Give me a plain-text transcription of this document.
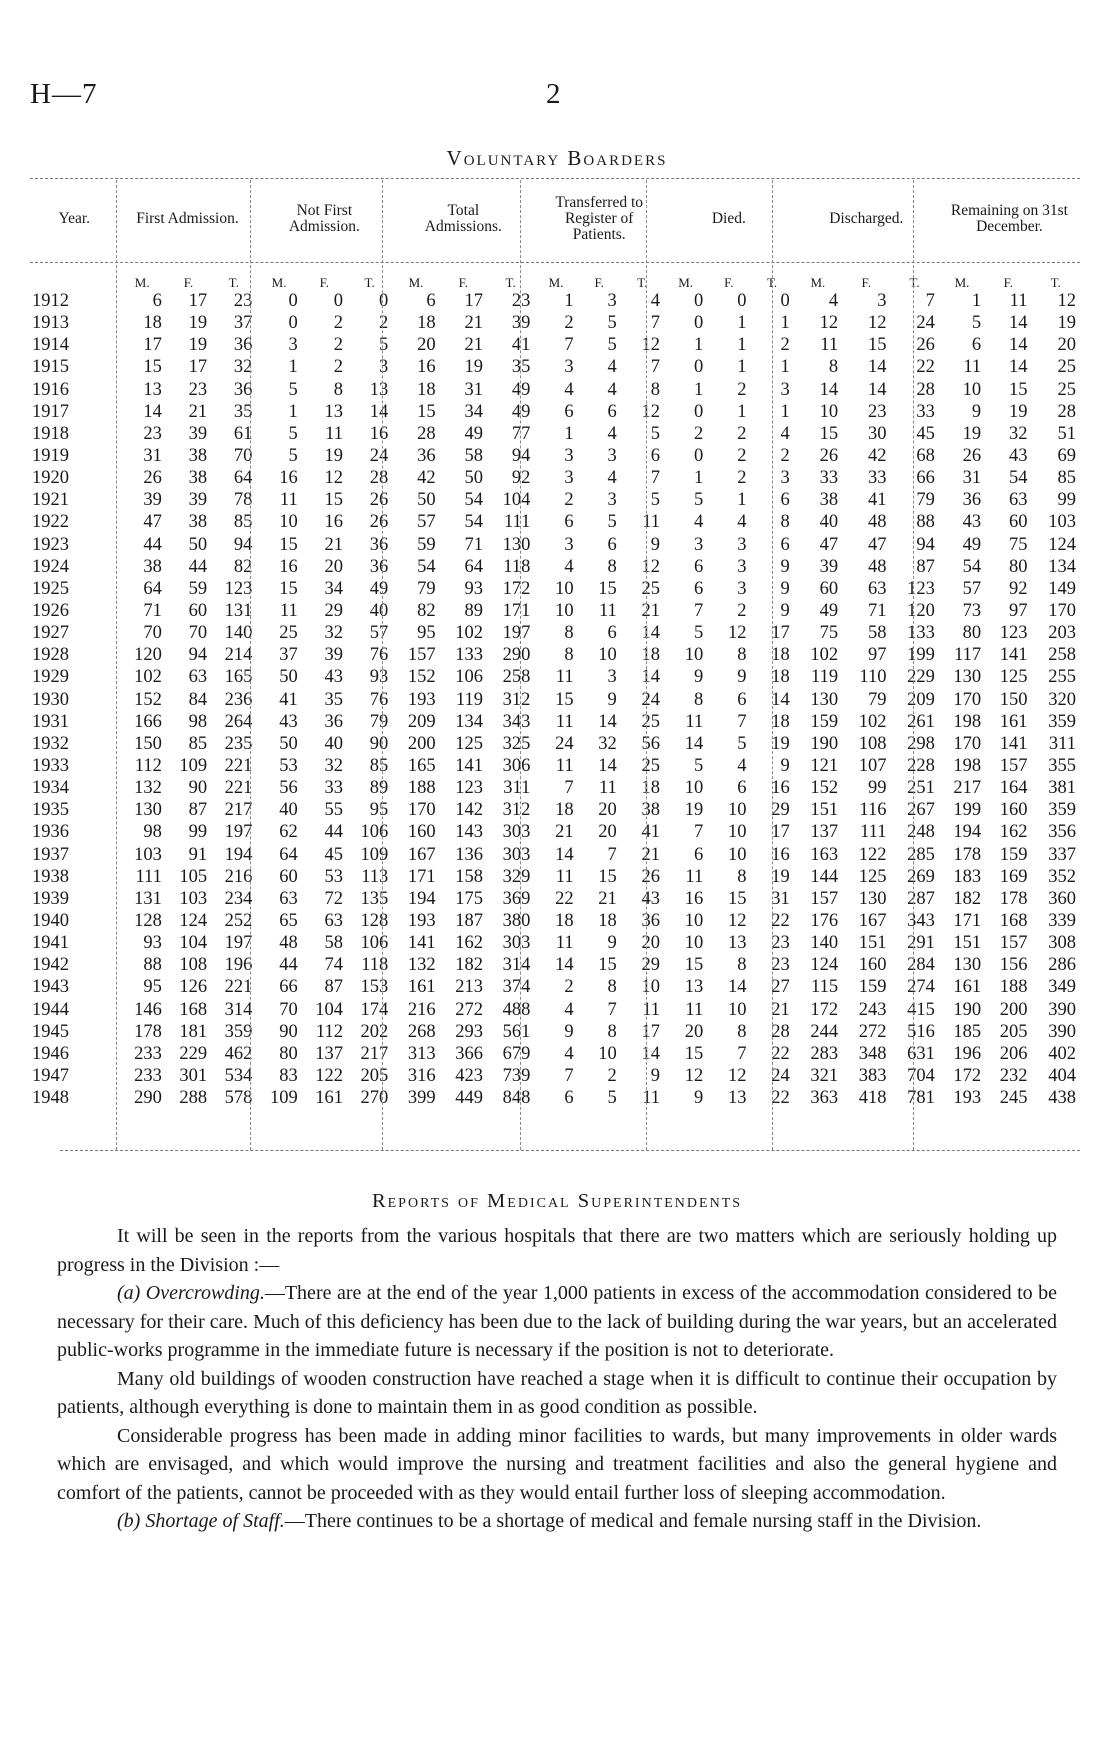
H—7	2
Voluntary Boarders
Year.	First Admission.			Not First Admission.			Total Admissions.			Transferred to Register of Patients.			Died.			Discharged.			Remaining on 31st December.		
	M.	F.	T.	M.	F.	T.	M.	F.	T.	M.	F.	T.	M.	F.	T.	M.	F.	T.	M.	F.	T.
1912	6	17	23	0	0	0	6	17	23	1	3	4	0	0	0	4	3	7	1	11	12
1913	18	19	37	0	2	2	18	21	39	2	5	7	0	1	1	12	12	24	5	14	19
1914	17	19	36	3	2	5	20	21	41	7	5	12	1	1	2	11	15	26	6	14	20
1915	15	17	32	1	2	3	16	19	35	3	4	7	0	1	1	8	14	22	11	14	25
1916	13	23	36	5	8	13	18	31	49	4	4	8	1	2	3	14	14	28	10	15	25
1917	14	21	35	1	13	14	15	34	49	6	6	12	0	1	1	10	23	33	9	19	28
1918	23	39	61	5	11	16	28	49	77	1	4	5	2	2	4	15	30	45	19	32	51
1919	31	38	70	5	19	24	36	58	94	3	3	6	0	2	2	26	42	68	26	43	69
1920	26	38	64	16	12	28	42	50	92	3	4	7	1	2	3	33	33	66	31	54	85
1921	39	39	78	11	15	26	50	54	104	2	3	5	5	1	6	38	41	79	36	63	99
1922	47	38	85	10	16	26	57	54	111	6	5	11	4	4	8	40	48	88	43	60	103
1923	44	50	94	15	21	36	59	71	130	3	6	9	3	3	6	47	47	94	49	75	124
1924	38	44	82	16	20	36	54	64	118	4	8	12	6	3	9	39	48	87	54	80	134
1925	64	59	123	15	34	49	79	93	172	10	15	25	6	3	9	60	63	123	57	92	149
1926	71	60	131	11	29	40	82	89	171	10	11	21	7	2	9	49	71	120	73	97	170
1927	70	70	140	25	32	57	95	102	197	8	6	14	5	12	17	75	58	133	80	123	203
1928	120	94	214	37	39	76	157	133	290	8	10	18	10	8	18	102	97	199	117	141	258
1929	102	63	165	50	43	93	152	106	258	11	3	14	9	9	18	119	110	229	130	125	255
1930	152	84	236	41	35	76	193	119	312	15	9	24	8	6	14	130	79	209	170	150	320
1931	166	98	264	43	36	79	209	134	343	11	14	25	11	7	18	159	102	261	198	161	359
1932	150	85	235	50	40	90	200	125	325	24	32	56	14	5	19	190	108	298	170	141	311
1933	112	109	221	53	32	85	165	141	306	11	14	25	5	4	9	121	107	228	198	157	355
1934	132	90	221	56	33	89	188	123	311	7	11	18	10	6	16	152	99	251	217	164	381
1935	130	87	217	40	55	95	170	142	312	18	20	38	19	10	29	151	116	267	199	160	359
1936	98	99	197	62	44	106	160	143	303	21	20	41	7	10	17	137	111	248	194	162	356
1937	103	91	194	64	45	109	167	136	303	14	7	21	6	10	16	163	122	285	178	159	337
1938	111	105	216	60	53	113	171	158	329	11	15	26	11	8	19	144	125	269	183	169	352
1939	131	103	234	63	72	135	194	175	369	22	21	43	16	15	31	157	130	287	182	178	360
1940	128	124	252	65	63	128	193	187	380	18	18	36	10	12	22	176	167	343	171	168	339
1941	93	104	197	48	58	106	141	162	303	11	9	20	10	13	23	140	151	291	151	157	308
1942	88	108	196	44	74	118	132	182	314	14	15	29	15	8	23	124	160	284	130	156	286
1943	95	126	221	66	87	153	161	213	374	2	8	10	13	14	27	115	159	274	161	188	349
1944	146	168	314	70	104	174	216	272	488	4	7	11	11	10	21	172	243	415	190	200	390
1945	178	181	359	90	112	202	268	293	561	9	8	17	20	8	28	244	272	516	185	205	390
1946	233	229	462	80	137	217	313	366	679	4	10	14	15	7	22	283	348	631	196	206	402
1947	233	301	534	83	122	205	316	423	739	7	2	9	12	12	24	321	383	704	172	232	404
1948	290	288	578	109	161	270	399	449	848	6	5	11	9	13	22	363	418	781	193	245	438
Reports of Medical Superintendents

It will be seen in the reports from the various hospitals that there are two matters which are seriously holding up progress in the Division :—

(a) Overcrowding.—There are at the end of the year 1,000 patients in excess of the accommodation considered to be necessary for their care. Much of this deficiency has been due to the lack of building during the war years, but an accelerated public-works programme in the immediate future is necessary if the position is not to deteriorate.

Many old buildings of wooden construction have reached a stage when it is difficult to continue their occupation by patients, although everything is done to maintain them in as good condition as possible.

Considerable progress has been made in adding minor facilities to wards, but many improvements in older wards which are envisaged, and which would improve the nursing and treatment facilities and also the general hygiene and comfort of the patients, cannot be proceeded with as they would entail further loss of sleeping accommodation.

(b) Shortage of Staff.—There continues to be a shortage of medical and female nursing staff in the Division.
